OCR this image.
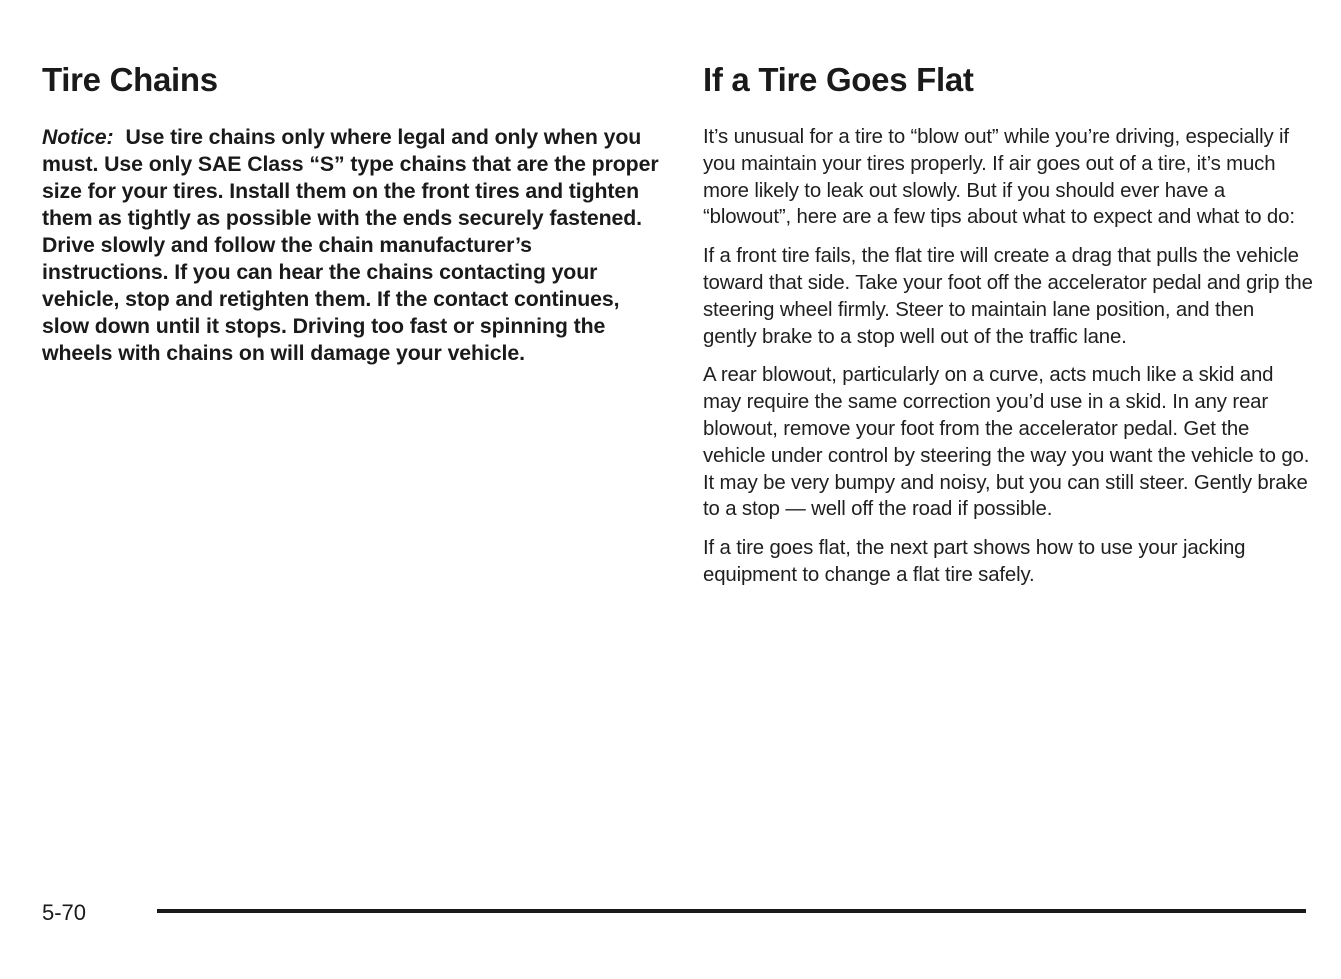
Tire Chains

Notice: Use tire chains only where legal and only when you must. Use only SAE Class “S” type chains that are the proper size for your tires. Install them on the front tires and tighten them as tightly as possible with the ends securely fastened.

Drive slowly and follow the chain manufacturer’s instructions. If you can hear the chains contacting your vehicle, stop and retighten them. If the contact continues, slow down until it stops. Driving too fast or spinning the wheels with chains on will damage your vehicle.

If a Tire Goes Flat

It’s unusual for a tire to “blow out” while you’re driving, especially if you maintain your tires properly. If air goes out of a tire, it’s much more likely to leak out slowly. But if you should ever have a “blowout”, here are a few tips about what to expect and what to do:

If a front tire fails, the flat tire will create a drag that pulls the vehicle toward that side. Take your foot off the accelerator pedal and grip the steering wheel firmly. Steer to maintain lane position, and then gently brake to a stop well out of the traffic lane.

A rear blowout, particularly on a curve, acts much like a skid and may require the same correction you’d use in a skid. In any rear blowout, remove your foot from the accelerator pedal. Get the vehicle under control by steering the way you want the vehicle to go. It may be very bumpy and noisy, but you can still steer. Gently brake to a stop — well off the road if possible.

If a tire goes flat, the next part shows how to use your jacking equipment to change a flat tire safely.

5-70
